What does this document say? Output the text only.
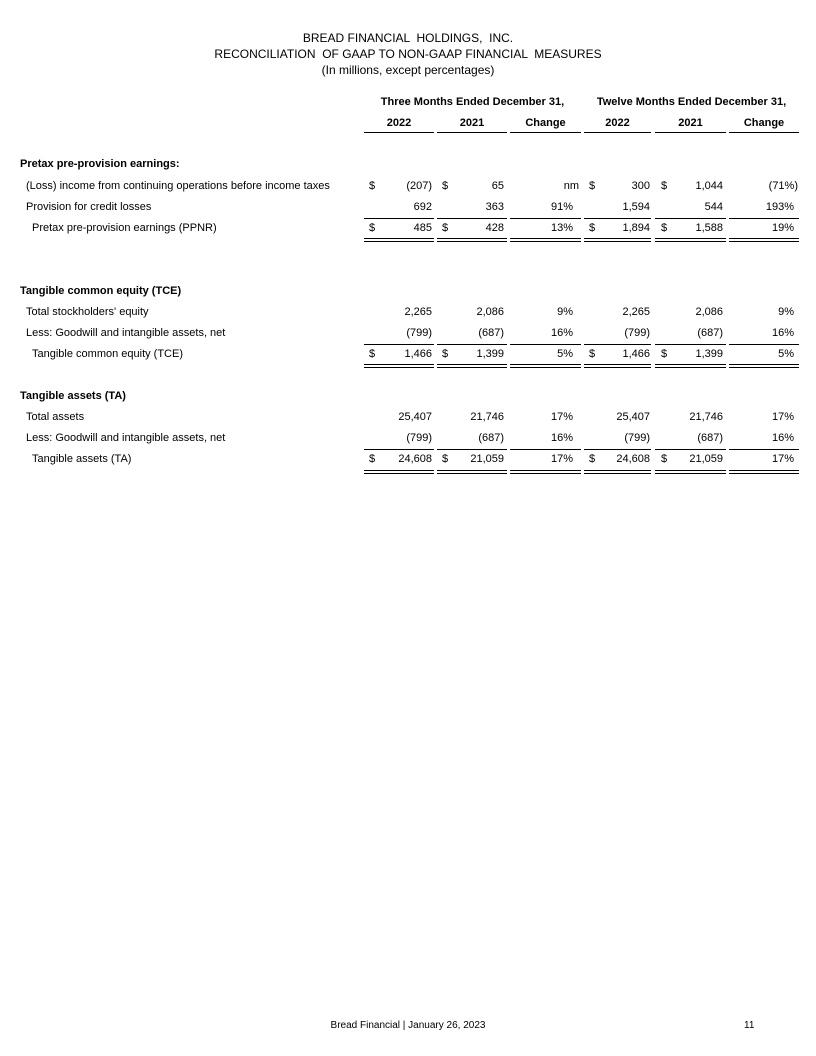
BREAD FINANCIAL  HOLDINGS,  INC.
RECONCILIATION  OF GAAP TO NON-GAAP FINANCIAL  MEASURES
(In millions, except percentages)
Three Months Ended December 31,	Twelve Months Ended December 31,
2022	2021	Change	2022	2021	Change
Pretax pre-provision earnings:
(Loss) income from continuing operations before income taxes	$	(207) $	65	nm $	300 $	1,044	(71%)
Provision for credit losses	692	363	91%	1,594	544	193%
Pretax pre-provision earnings (PPNR)	$	485 $	428	13% $	1,894 $	1,588	19%
Tangible common equity (TCE)
Total stockholders' equity	2,265	2,086	9%	2,265	2,086	9%
Less: Goodwill and intangible assets, net	(799)	(687)	16%	(799)	(687)	16%
Tangible common equity (TCE)	$	1,466 $	1,399	5% $	1,466 $	1,399	5%
Tangible assets (TA)
Total assets	25,407	21,746	17%	25,407	21,746	17%
Less: Goodwill and intangible assets, net	(799)	(687)	16%	(799)	(687)	16%
Tangible assets (TA)	$	24,608 $	21,059	17% $	24,608 $	21,059	17%
Bread Financial | January 26, 2023	11
